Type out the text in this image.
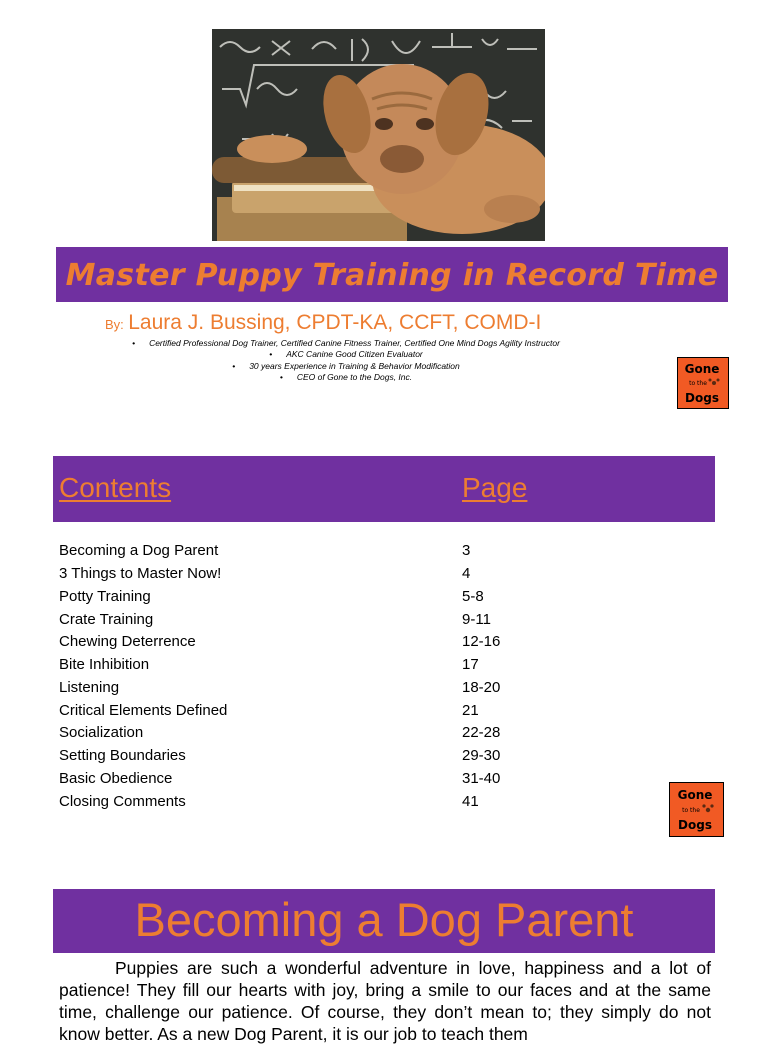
Master Puppy Training in Record Time
By: Laura J. Bussing, CPDT-KA, CCFT, COMD-I
• Certified Professional Dog Trainer, Certified Canine Fitness Trainer, Certified One Mind Dogs Agility Instructor
• AKC Canine Good Citizen Evaluator
• 30 years Experience in Training & Behavior Modification
• CEO of Gone to the Dogs, Inc.
Gone
to the
Dogs
Contents	Page
Becoming a Dog Parent	3
3 Things to Master Now!	4
Potty Training	5-8
Crate Training	9-11
Chewing Deterrence	12-16
Bite Inhibition	17
Listening	18-20
Critical Elements Defined	21
Socialization	22-28
Setting Boundaries	29-30
Basic Obedience	31-40
Closing Comments	41	Gone
to the
Dogs
Becoming a Dog Parent

Puppies are such a wonderful adventure in love, happiness and a lot of patience! They fill our hearts with joy, bring a smile to our faces and at the same time, challenge our patience. Of course, they don’t mean to; they simply do not know better. As a new Dog Parent, it is our job to teach them
